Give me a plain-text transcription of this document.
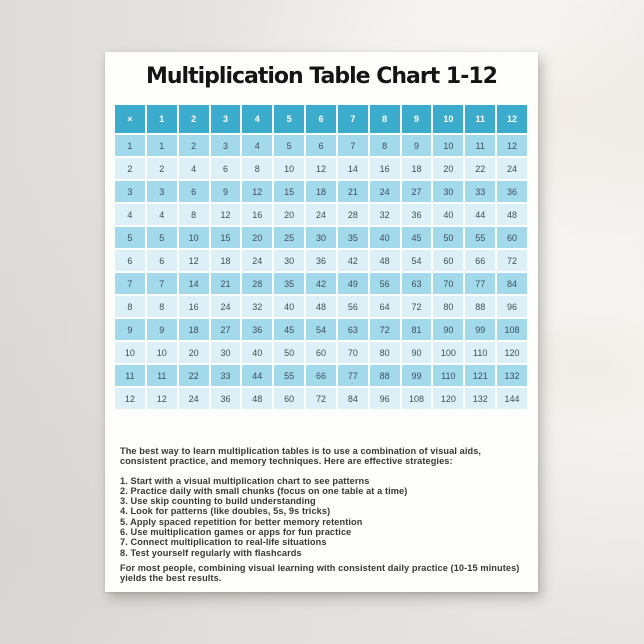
Multiplication Table Chart 1-12
×	1	2	3	4	5	6	7	8	9	10	11	12
1	1	2	3	4	5	6	7	8	9	10	11	12
2	2	4	6	8	10	12	14	16	18	20	22	24
3	3	6	9	12	15	18	21	24	27	30	33	36
4	4	8	12	16	20	24	28	32	36	40	44	48
5	5	10	15	20	25	30	35	40	45	50	55	60
6	6	12	18	24	30	36	42	48	54	60	66	72
7	7	14	21	28	35	42	49	56	63	70	77	84
8	8	16	24	32	40	48	56	64	72	80	88	96
9	9	18	27	36	45	54	63	72	81	90	99	108
10	10	20	30	40	50	60	70	80	90	100	110	120
11	11	22	33	44	55	66	77	88	99	110	121	132
12	12	24	36	48	60	72	84	96	108	120	132	144

The best way to learn multiplication tables is to use a combination of visual aids, consistent practice, and memory techniques. Here are effective strategies:

1. Start with a visual multiplication chart to see patterns
2. Practice daily with small chunks (focus on one table at a time)
3. Use skip counting to build understanding
4. Look for patterns (like doubles, 5s, 9s tricks)
5. Apply spaced repetition for better memory retention
6. Use multiplication games or apps for fun practice
7. Connect multiplication to real-life situations
8. Test yourself regularly with flashcards

For most people, combining visual learning with consistent daily practice (10-15 minutes) yields the best results.
